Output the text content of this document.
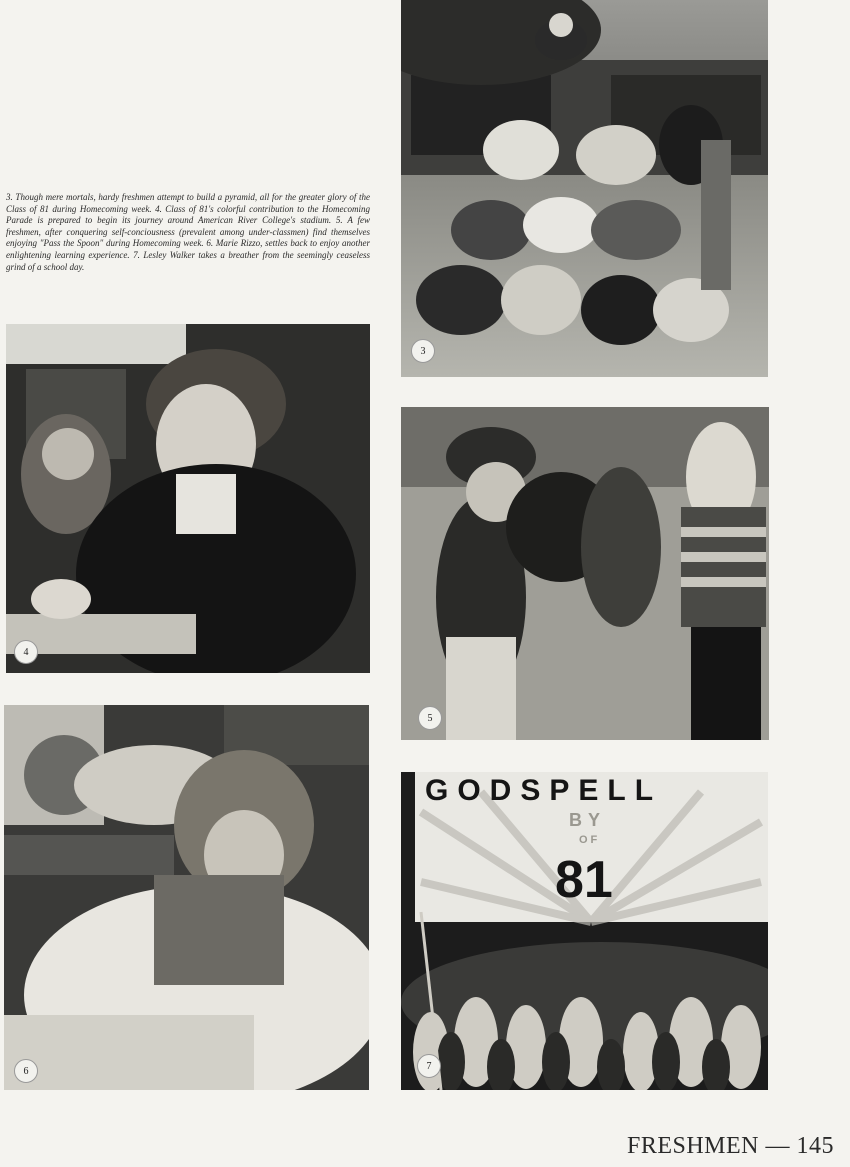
3. Though mere mortals, hardy freshmen attempt to build a pyramid, all for the greater glory of the Class of 81 during Homecoming week. 4. Class of 81's colorful contribution to the Homecoming Parade is prepared to begin its journey around American River College's stadium. 5. A few freshmen, after conquering self-conciousness (prevalent among under-classmen) find themselves enjoying "Pass the Spoon" during Homecoming week. 6. Marie Rizzo, settles back to enjoy another enlightening learning experience. 7. Lesley Walker takes a breather from the seemingly ceaseless grind of a school day.
3
4
5
6
GODSPELL
BY
OF
81
7
FRESHMEN — 145
